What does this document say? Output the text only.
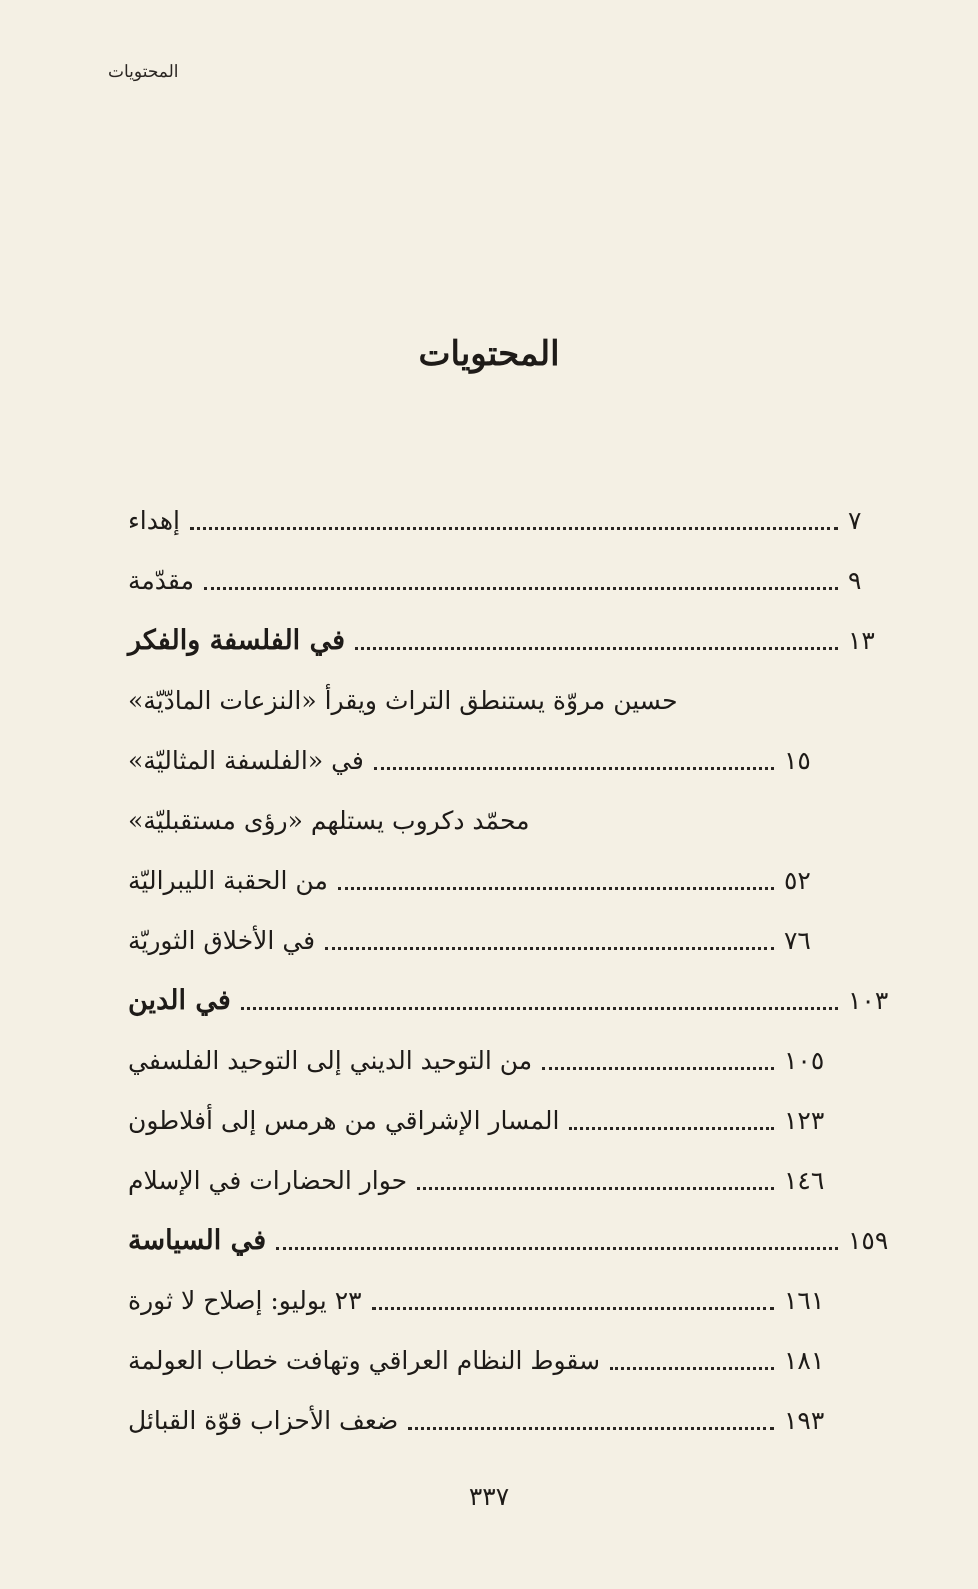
المحتويات
المحتويات
إهداء	٧
مقدّمة	٩
في الفلسفة والفكر	١٣
حسين مروّة يستنطق التراث ويقرأ «النزعات المادّيّة»
في «الفلسفة المثاليّة»	١٥
محمّد دكروب يستلهم «رؤى مستقبليّة»
من الحقبة الليبراليّة	٥٢
في الأخلاق الثوريّة	٧٦
في الدين	١٠٣
من التوحيد الديني إلى التوحيد الفلسفي	١٠٥
المسار الإشراقي من هرمس إلى أفلاطون	١٢٣
حوار الحضارات في الإسلام	١٤٦
في السياسة	١٥٩
٢٣ يوليو: إصلاح لا ثورة	١٦١
سقوط النظام العراقي وتهافت خطاب العولمة	١٨١
ضعف الأحزاب قوّة القبائل	١٩٣
٣٣٧
